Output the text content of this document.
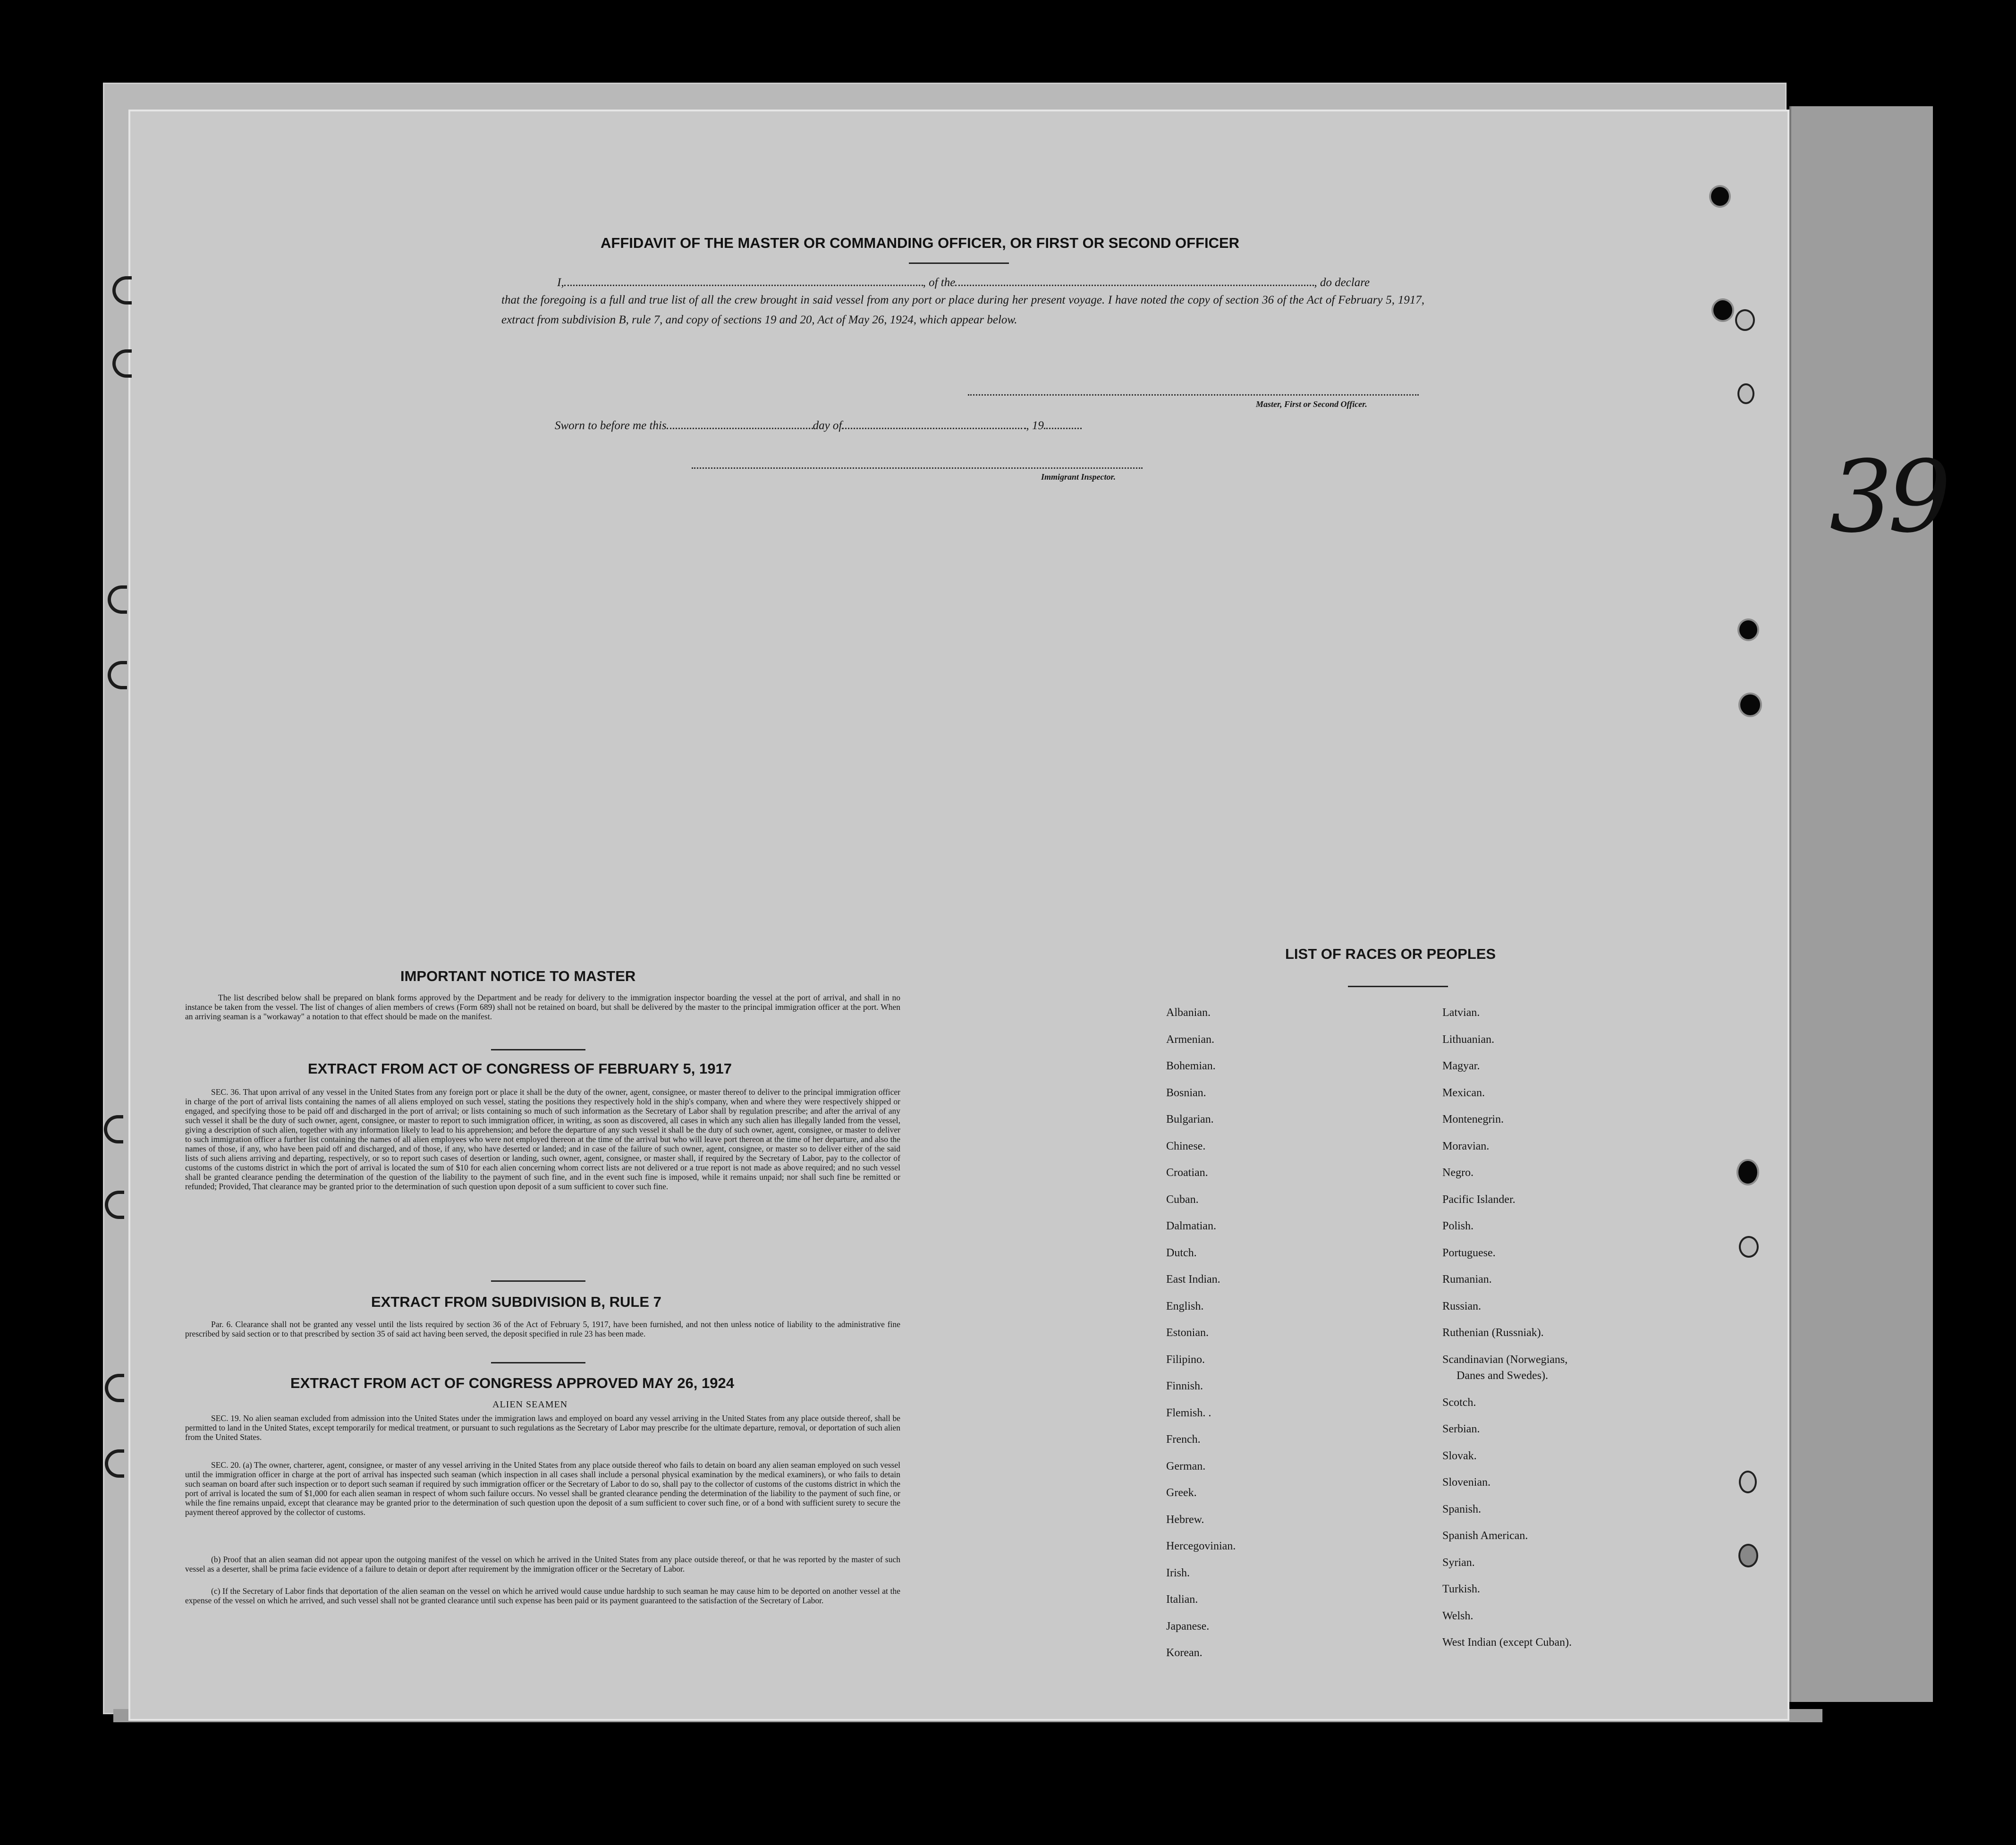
39
AFFIDAVIT OF THE MASTER OR COMMANDING OFFICER, OR FIRST OR SECOND OFFICER
I,	, of the	, do declare
that the foregoing is a full and true list of all the crew brought in said vessel from any port or place during her present voyage. I have noted the copy of section 36 of the Act of February 5, 1917, extract from subdivision B, rule 7, and copy of sections 19 and 20, Act of May 26, 1924, which appear below.
Master, First or Second Officer.
Sworn to before me this	day of	, 19
Immigrant Inspector.
IMPORTANT NOTICE TO MASTER
The list described below shall be prepared on blank forms approved by the Department and be ready for delivery to the immigration inspector boarding the vessel at the port of arrival, and shall in no instance be taken from the vessel. The list of changes of alien members of crews (Form 689) shall not be retained on board, but shall be delivered by the master to the principal immigration officer at the port. When an arriving seaman is a "workaway" a notation to that effect should be made on the manifest.
EXTRACT FROM ACT OF CONGRESS OF FEBRUARY 5, 1917
SEC. 36. That upon arrival of any vessel in the United States from any foreign port or place it shall be the duty of the owner, agent, consignee, or master thereof to deliver to the principal immigration officer in charge of the port of arrival lists containing the names of all aliens employed on such vessel, stating the positions they respectively hold in the ship's company, when and where they were respectively shipped or engaged, and specifying those to be paid off and discharged in the port of arrival; or lists containing so much of such information as the Secretary of Labor shall by regulation prescribe; and after the arrival of any such vessel it shall be the duty of such owner, agent, consignee, or master to report to such immigration officer, in writing, as soon as discovered, all cases in which any such alien has illegally landed from the vessel, giving a description of such alien, together with any information likely to lead to his apprehension; and before the departure of any such vessel it shall be the duty of such owner, agent, consignee, or master to deliver to such immigration officer a further list containing the names of all alien employees who were not employed thereon at the time of the arrival but who will leave port thereon at the time of her departure, and also the names of those, if any, who have been paid off and discharged, and of those, if any, who have deserted or landed; and in case of the failure of such owner, agent, consignee, or master so to deliver either of the said lists of such aliens arriving and departing, respectively, or so to report such cases of desertion or landing, such owner, agent, consignee, or master shall, if required by the Secretary of Labor, pay to the collector of customs of the customs district in which the port of arrival is located the sum of $10 for each alien concerning whom correct lists are not delivered or a true report is not made as above required; and no such vessel shall be granted clearance pending the determination of the question of the liability to the payment of such fine, and in the event such fine is imposed, while it remains unpaid; nor shall such fine be remitted or refunded; Provided, That clearance may be granted prior to the determination of such question upon deposit of a sum sufficient to cover such fine.
EXTRACT FROM SUBDIVISION B, RULE 7
Par. 6. Clearance shall not be granted any vessel until the lists required by section 36 of the Act of February 5, 1917, have been furnished, and not then unless notice of liability to the administrative fine prescribed by said section or to that prescribed by section 35 of said act having been served, the deposit specified in rule 23 has been made.
EXTRACT FROM ACT OF CONGRESS APPROVED MAY 26, 1924
ALIEN SEAMEN
SEC. 19. No alien seaman excluded from admission into the United States under the immigration laws and employed on board any vessel arriving in the United States from any place outside thereof, shall be permitted to land in the United States, except temporarily for medical treatment, or pursuant to such regulations as the Secretary of Labor may prescribe for the ultimate departure, removal, or deportation of such alien from the United States.
SEC. 20. (a) The owner, charterer, agent, consignee, or master of any vessel arriving in the United States from any place outside thereof who fails to detain on board any alien seaman employed on such vessel until the immigration officer in charge at the port of arrival has inspected such seaman (which inspection in all cases shall include a personal physical examination by the medical examiners), or who fails to detain such seaman on board after such inspection or to deport such seaman if required by such immigration officer or the Secretary of Labor to do so, shall pay to the collector of customs of the customs district in which the port of arrival is located the sum of $1,000 for each alien seaman in respect of whom such failure occurs. No vessel shall be granted clearance pending the determination of the liability to the payment of such fine, or while the fine remains unpaid, except that clearance may be granted prior to the determination of such question upon the deposit of a sum sufficient to cover such fine, or of a bond with sufficient surety to secure the payment thereof approved by the collector of customs.
(b) Proof that an alien seaman did not appear upon the outgoing manifest of the vessel on which he arrived in the United States from any place outside thereof, or that he was reported by the master of such vessel as a deserter, shall be prima facie evidence of a failure to detain or deport after requirement by the immigration officer or the Secretary of Labor.
(c) If the Secretary of Labor finds that deportation of the alien seaman on the vessel on which he arrived would cause undue hardship to such seaman he may cause him to be deported on another vessel at the expense of the vessel on which he arrived, and such vessel shall not be granted clearance until such expense has been paid or its payment guaranteed to the satisfaction of the Secretary of Labor.
LIST OF RACES OR PEOPLES
Albanian.
Armenian.
Bohemian.
Bosnian.
Bulgarian.
Chinese.
Croatian.
Cuban.
Dalmatian.
Dutch.
East Indian.
English.
Estonian.
Filipino.
Finnish.
Flemish. .
French.
German.
Greek.
Hebrew.
Hercegovinian.
Irish.
Italian.
Japanese.
Korean.
Latvian.
Lithuanian.
Magyar.
Mexican.
Montenegrin.
Moravian.
Negro.
Pacific Islander.
Polish.
Portuguese.
Rumanian.
Russian.
Ruthenian (Russniak).
Scandinavian (Norwegians,
Danes and Swedes).
Scotch.
Serbian.
Slovak.
Slovenian.
Spanish.
Spanish American.
Syrian.
Turkish.
Welsh.
West Indian (except Cuban).
